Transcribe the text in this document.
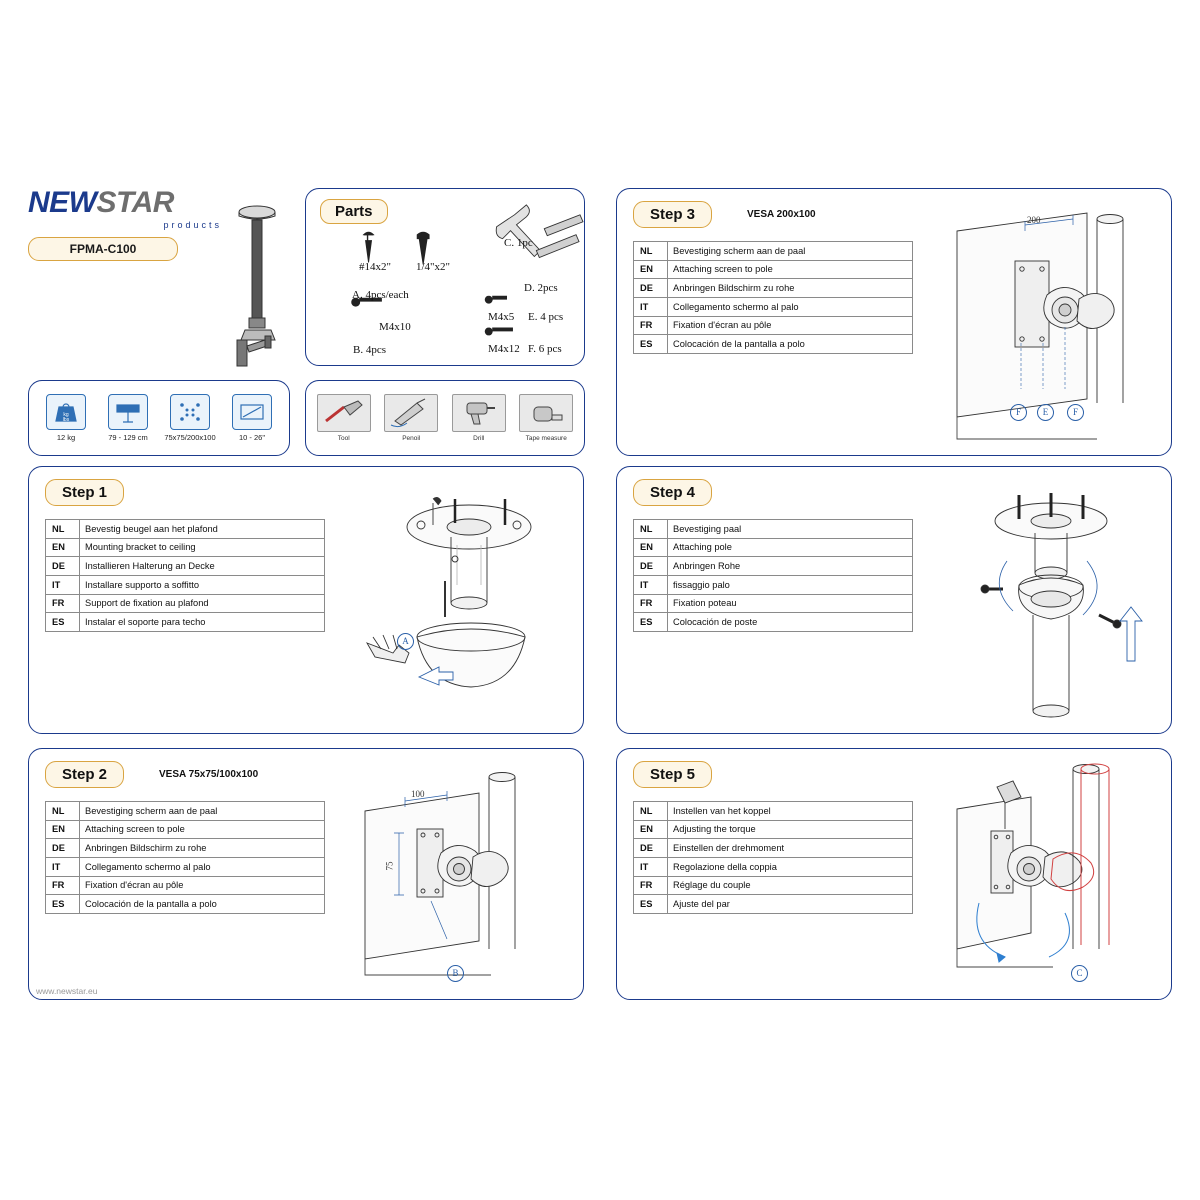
NEWSTAR
products
FPMA-C100
Parts
#14x2" 1/4"x2"
A. 4pcs/each
M4x10
B. 4pcs
C. 1pc
D. 2pcs
M4x5 E. 4 pcs
M4x12 F. 6 pcs
kg
lbs
12 kg	79 - 129 cm	75x75/200x100	10 - 26"	Tool	Penoil	Drill	Tape measure
Step 3	VESA 200x100
NL	Bevestiging scherm aan de paal
EN	Attaching screen to pole
DE	Anbringen Bildschirm zu rohe
IT	Collegamento schermo al palo
FR	Fixation d'écran au pôle
ES	Colocación de la pantalla a polo
200
F	E	F
Step 1
NL	Bevestig beugel aan het plafond
EN	Mounting bracket to ceiling
DE	Installieren Halterung an Decke
IT	Installare supporto a soffitto
FR	Support de fixation au plafond
ES	Instalar el soporte para techo
A
Step 4
NL	Bevestiging paal
EN	Attaching pole
DE	Anbringen Rohe
IT	fissaggio palo
FR	Fixation poteau
ES	Colocación de poste
Step 2	VESA 75x75/100x100
NL	Bevestiging scherm aan de paal
EN	Attaching screen to pole
DE	Anbringen Bildschirm zu rohe
IT	Collegamento schermo al palo
FR	Fixation d'écran au pôle
ES	Colocación de la pantalla a polo
100
75
B
Step 5
NL	Instellen van het koppel
EN	Adjusting the torque
DE	Einstellen der drehmoment
IT	Regolazione della coppia
FR	Réglage du couple
ES	Ajuste del par
C
www.newstar.eu
